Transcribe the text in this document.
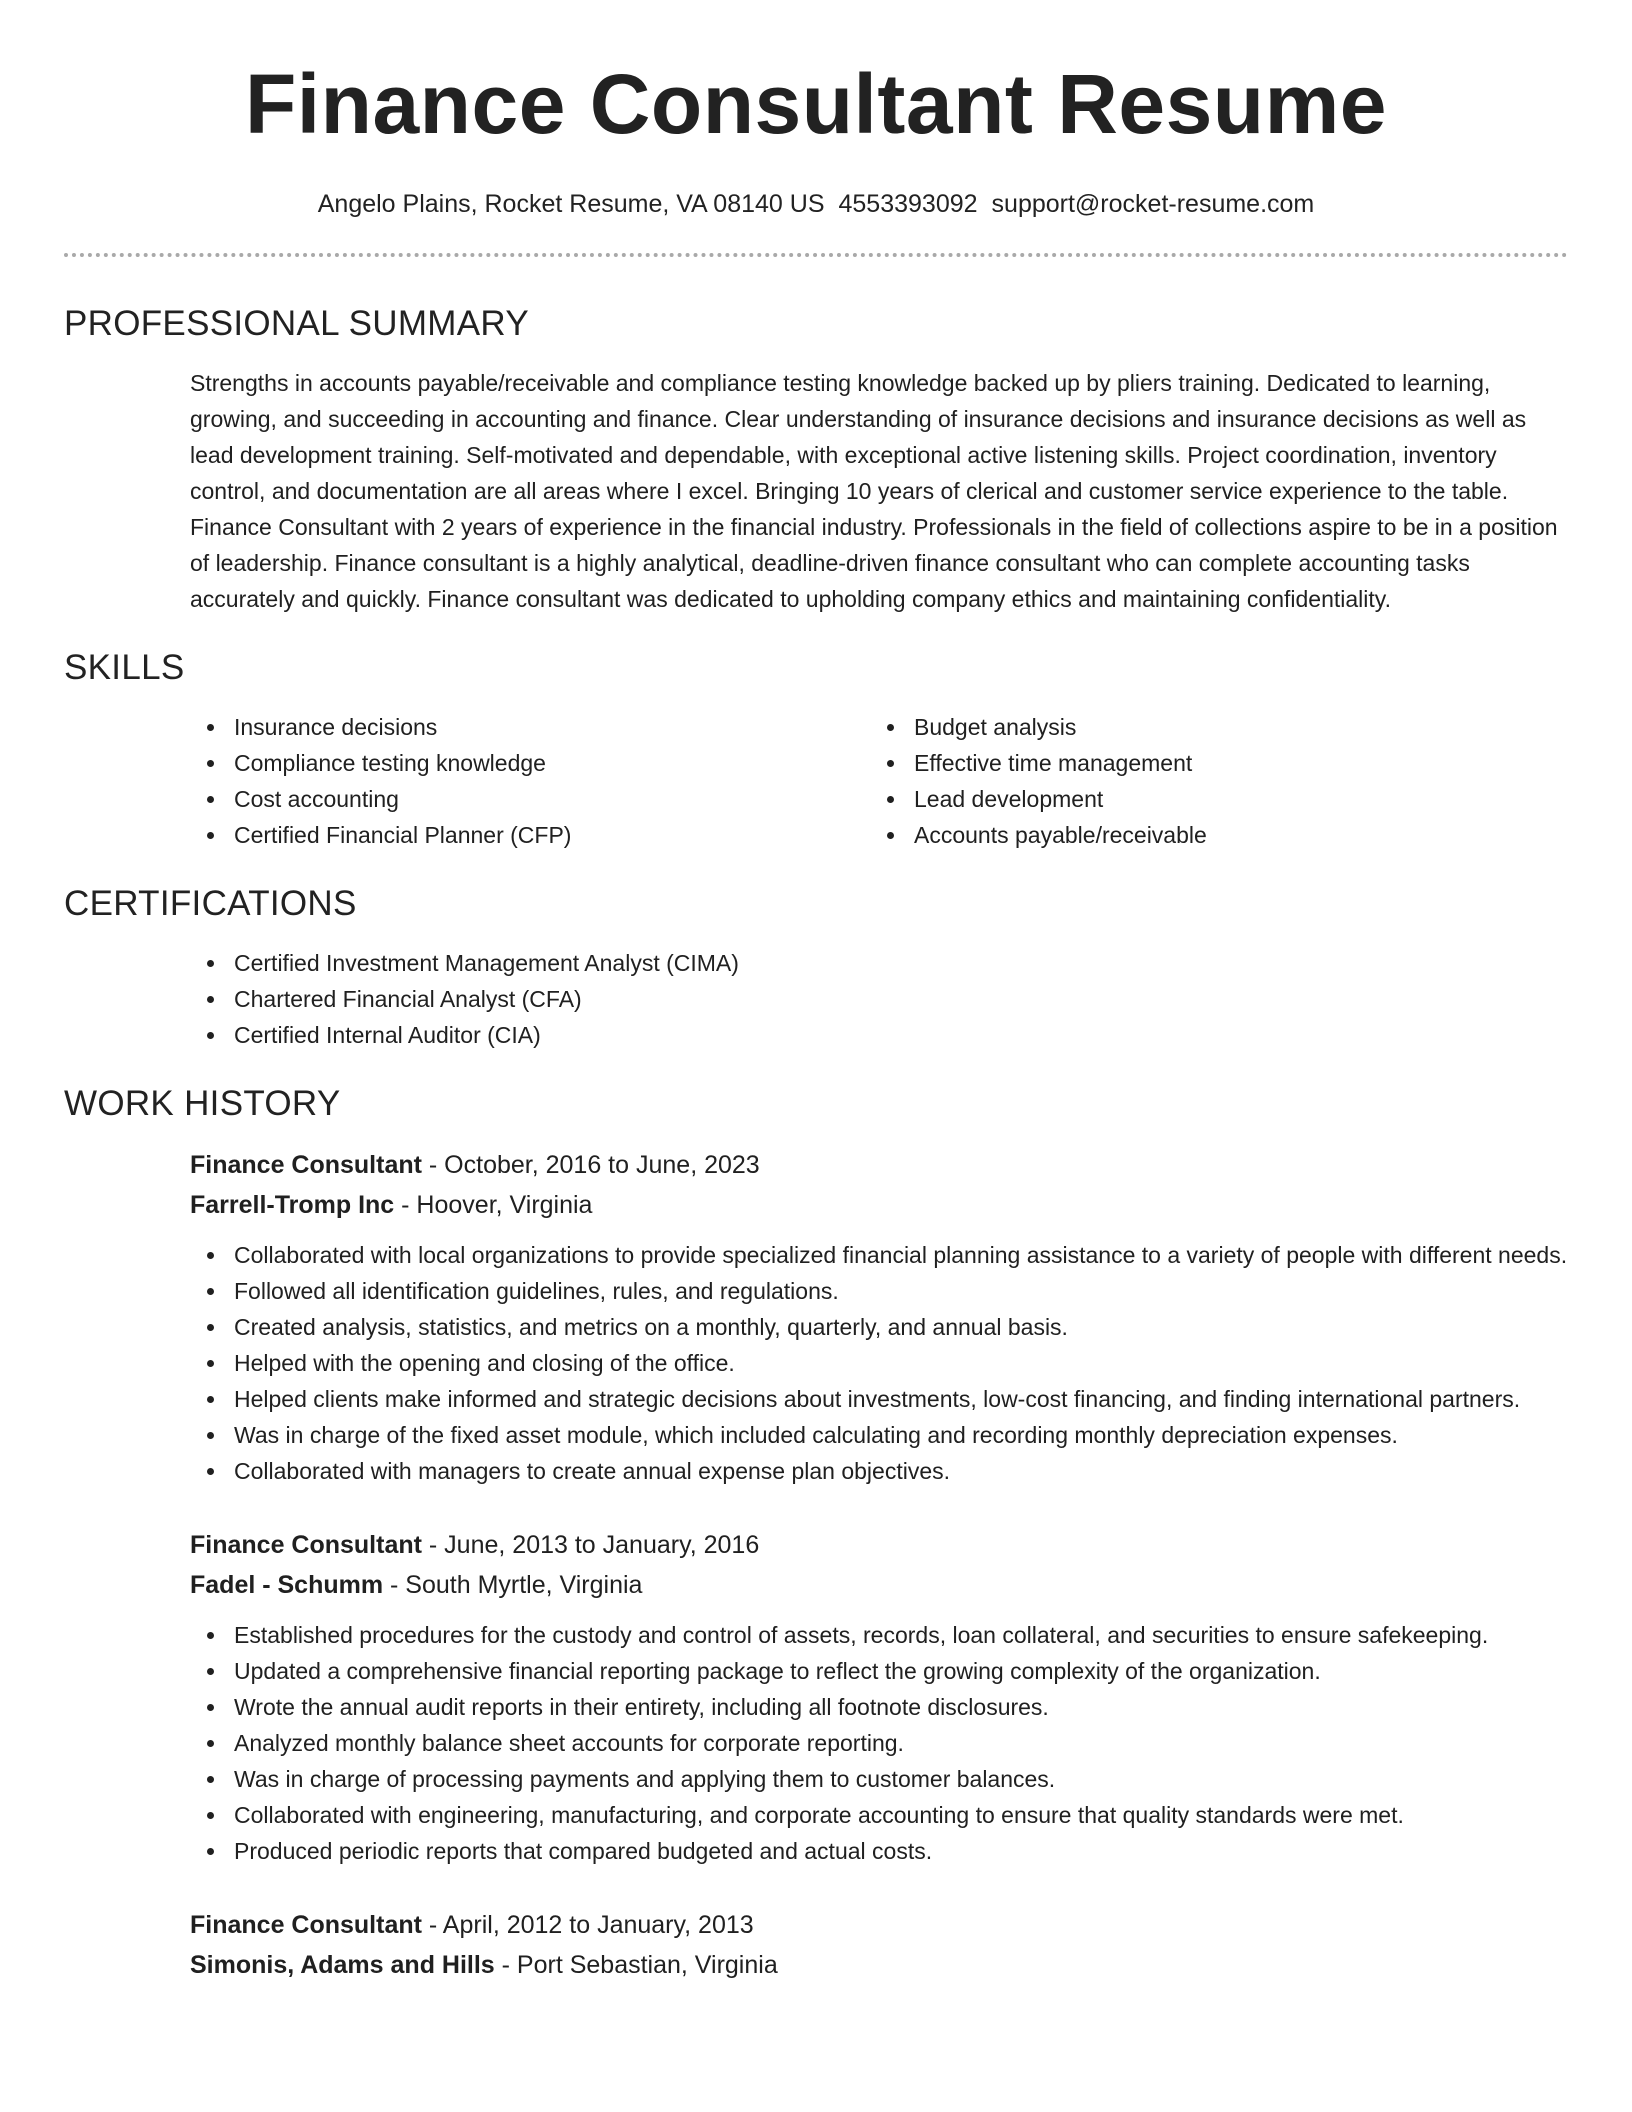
Finance Consultant Resume
Angelo Plains, Rocket Resume, VA 08140 US 4553393092 support@rocket-resume.com
PROFESSIONAL SUMMARY

Strengths in accounts payable/receivable and compliance testing knowledge backed up by pliers training. Dedicated to learning, growing, and succeeding in accounting and finance. Clear understanding of insurance decisions and insurance decisions as well as lead development training. Self-motivated and dependable, with exceptional active listening skills. Project coordination, inventory control, and documentation are all areas where I excel. Bringing 10 years of clerical and customer service experience to the table. Finance Consultant with 2 years of experience in the financial industry. Professionals in the field of collections aspire to be in a position of leadership. Finance consultant is a highly analytical, deadline-driven finance consultant who can complete accounting tasks accurately and quickly. Finance consultant was dedicated to upholding company ethics and maintaining confidentiality.

SKILLS
Insurance decisions
Compliance testing knowledge
Cost accounting
Certified Financial Planner (CFP)
Budget analysis
Effective time management
Lead development
Accounts payable/receivable
CERTIFICATIONS
Certified Investment Management Analyst (CIMA)
Chartered Financial Analyst (CFA)
Certified Internal Auditor (CIA)
WORK HISTORY
Finance Consultant - October, 2016 to June, 2023
Farrell-Tromp Inc - Hoover, Virginia
Collaborated with local organizations to provide specialized financial planning assistance to a variety of people with different needs.
Followed all identification guidelines, rules, and regulations.
Created analysis, statistics, and metrics on a monthly, quarterly, and annual basis.
Helped with the opening and closing of the office.
Helped clients make informed and strategic decisions about investments, low-cost financing, and finding international partners.
Was in charge of the fixed asset module, which included calculating and recording monthly depreciation expenses.
Collaborated with managers to create annual expense plan objectives.
Finance Consultant - June, 2013 to January, 2016
Fadel - Schumm - South Myrtle, Virginia
Established procedures for the custody and control of assets, records, loan collateral, and securities to ensure safekeeping.
Updated a comprehensive financial reporting package to reflect the growing complexity of the organization.
Wrote the annual audit reports in their entirety, including all footnote disclosures.
Analyzed monthly balance sheet accounts for corporate reporting.
Was in charge of processing payments and applying them to customer balances.
Collaborated with engineering, manufacturing, and corporate accounting to ensure that quality standards were met.
Produced periodic reports that compared budgeted and actual costs.
Finance Consultant - April, 2012 to January, 2013
Simonis, Adams and Hills - Port Sebastian, Virginia
